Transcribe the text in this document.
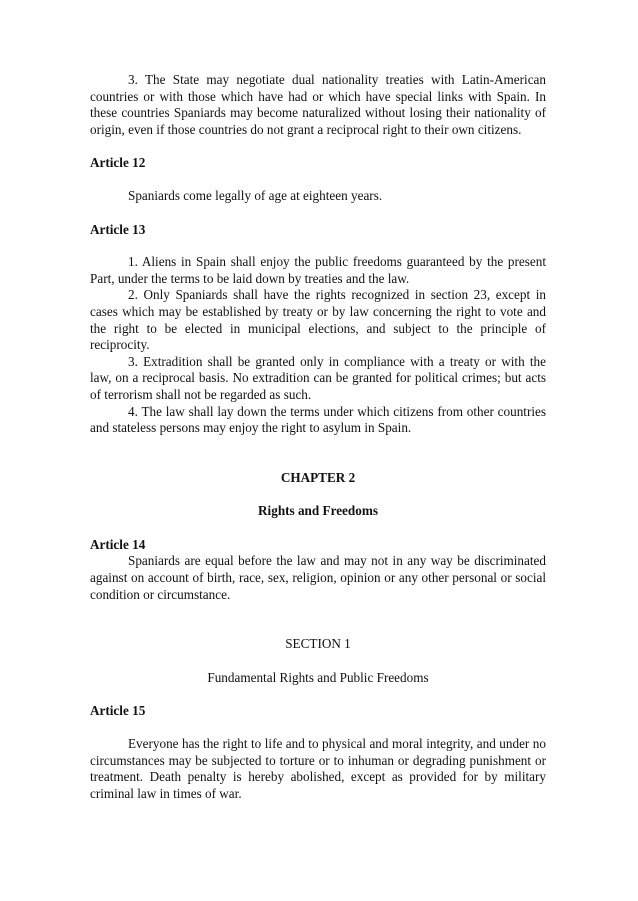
3. The State may negotiate dual nationality treaties with Latin-American countries or with those which have had or which have special links with Spain. In these countries Spaniards may become naturalized without losing their nationality of origin, even if those countries do not grant a reciprocal right to their own citizens.

Article 12

Spaniards come legally of age at eighteen years.

Article 13

1. Aliens in Spain shall enjoy the public freedoms guaranteed by the present Part, under the terms to be laid down by treaties and the law.

2. Only Spaniards shall have the rights recognized in section 23, except in cases which may be established by treaty or by law concerning the right to vote and the right to be elected in municipal elections, and subject to the principle of reciprocity.

3. Extradition shall be granted only in compliance with a treaty or with the law, on a reciprocal basis. No extradition can be granted for political crimes; but acts of terrorism shall not be regarded as such.

4. The law shall lay down the terms under which citizens from other countries and stateless persons may enjoy the right to asylum in Spain.

CHAPTER 2

Rights and Freedoms

Article 14

Spaniards are equal before the law and may not in any way be discriminated against on account of birth, race, sex, religion, opinion or any other personal or social condition or circumstance.

SECTION 1

Fundamental Rights and Public Freedoms

Article 15

Everyone has the right to life and to physical and moral integrity, and under no circumstances may be subjected to torture or to inhuman or degrading punishment or treatment. Death penalty is hereby abolished, except as provided for by military criminal law in times of war.
